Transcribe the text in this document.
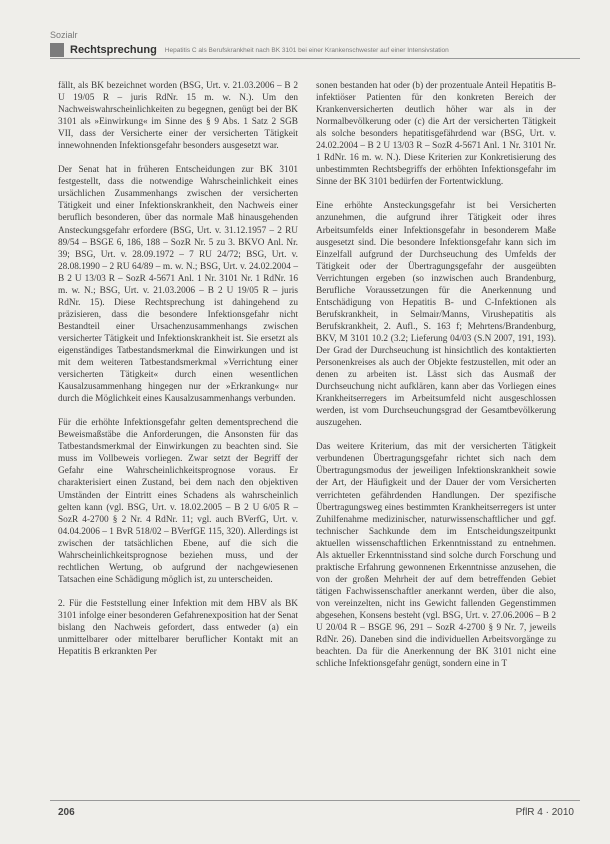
Sozialr
Rechtsprechung Hepatitis C als Berufskrankheit nach BK 3101 bei einer Krankenschwester auf einer Intensivstation

fällt, als BK bezeichnet worden (BSG, Urt. v. 21.03.2006 – B 2 U 19/05 R – juris RdNr. 15 m. w. N.). Um den Nachweiswahrscheinlichkeiten zu begegnen, genügt bei der BK 3101 als »Einwirkung« im Sinne des § 9 Abs. 1 Satz 2 SGB VII, dass der Versicherte einer der versicherten Tätigkeit innewohnenden Infektionsgefahr besonders ausgesetzt war.

Der Senat hat in früheren Entscheidungen zur BK 3101 festgestellt, dass die notwendige Wahrscheinlichkeit eines ursächlichen Zusammenhangs zwischen der versicherten Tätigkeit und einer Infektionskrankheit, den Nachweis einer beruflich besonderen, über das normale Maß hinausgehenden Ansteckungsgefahr erfordere (BSG, Urt. v. 31.12.1957 – 2 RU 89/54 – BSGE 6, 186, 188 – SozR Nr. 5 zu 3. BKVO Anl. Nr. 39; BSG, Urt. v. 28.09.1972 – 7 RU 24/72; BSG, Urt. v. 28.08.1990 – 2 RU 64/89 – m. w. N.; BSG, Urt. v. 24.02.2004 – B 2 U 13/03 R – SozR 4-5671 Anl. 1 Nr. 3101 Nr. 1 RdNr. 16 m. w. N.; BSG, Urt. v. 21.03.2006 – B 2 U 19/05 R – juris RdNr. 15). Diese Rechtsprechung ist dahingehend zu präzisieren, dass die besondere Infektionsgefahr nicht Bestandteil einer Ursachenzusammenhangs zwischen versicherter Tätigkeit und Infektionskrankheit ist. Sie ersetzt als eigenständiges Tatbestandsmerkmal die Einwirkungen und ist mit dem weiteren Tatbestandsmerkmal »Verrichtung einer versicherten Tätigkeit« durch einen wesentlichen Kausalzusammenhang hingegen nur der »Erkrankung« nur durch die Möglichkeit eines Kausalzusammenhangs verbunden.

Für die erhöhte Infektionsgefahr gelten dementsprechend die Beweismaßstäbe die Anforderungen, die Ansonsten für das Tatbestandsmerkmal der Einwirkungen zu beachten sind. Sie muss im Vollbeweis vorliegen. Zwar setzt der Begriff der Gefahr eine Wahrscheinlichkeitsprognose voraus. Er charakterisiert einen Zustand, bei dem nach den objektiven Umständen der Eintritt eines Schadens als wahrscheinlich gelten kann (vgl. BSG, Urt. v. 18.02.2005 – B 2 U 6/05 R – SozR 4-2700 § 2 Nr. 4 RdNr. 11; vgl. auch BVerfG, Urt. v. 04.04.2006 – 1 BvR 518/02 – BVerfGE 115, 320). Allerdings ist zwischen der tatsächlichen Ebene, auf die sich die Wahrscheinlichkeitsprognose beziehen muss, und der rechtlichen Wertung, ob aufgrund der nachgewiesenen Tatsachen eine Schädigung möglich ist, zu unterscheiden.

2. Für die Feststellung einer Infektion mit dem HBV als BK 3101 infolge einer besonderen Gefahrenexposition hat der Senat bislang den Nachweis gefordert, dass entweder (a) ein unmittelbarer oder mittelbarer beruflicher Kontakt mit an Hepatitis B erkrankten Per

sonen bestanden hat oder (b) der prozentuale Anteil Hepatitis B-infektiöser Patienten für den konkreten Bereich der Krankenversicherten deutlich höher war als in der Normalbevölkerung oder (c) die Art der versicherten Tätigkeit als solche besonders hepatitisgefährdend war (BSG, Urt. v. 24.02.2004 – B 2 U 13/03 R – SozR 4-5671 Anl. 1 Nr. 3101 Nr. 1 RdNr. 16 m. w. N.). Diese Kriterien zur Konkretisierung des unbestimmten Rechtsbegriffs der erhöhten Infektionsgefahr im Sinne der BK 3101 bedürfen der Fortentwicklung.

Eine erhöhte Ansteckungsgefahr ist bei Versicherten anzunehmen, die aufgrund ihrer Tätigkeit oder ihres Arbeitsumfelds einer Infektionsgefahr in besonderem Maße ausgesetzt sind. Die besondere Infektionsgefahr kann sich im Einzelfall aufgrund der Durchseuchung des Umfelds der Tätigkeit oder der Übertragungsgefahr der ausgeübten Verrichtungen ergeben (so inzwischen auch Brandenburg, Berufliche Voraussetzungen für die Anerkennung und Entschädigung von Hepatitis B- und C-Infektionen als Berufskrankheit, in Selmair/Manns, Virushepatitis als Berufskrankheit, 2. Aufl., S. 163 f; Mehrtens/Brandenburg, BKV, M 3101 10.2 (3.2; Lieferung 04/03 (S.N 2007, 191, 193). Der Grad der Durchseuchung ist hinsichtlich des kontaktierten Personenkreises als auch der Objekte festzustellen, mit oder an denen zu arbeiten ist. Lässt sich das Ausmaß der Durchseuchung nicht aufklären, kann aber das Vorliegen eines Krankheitserregers im Arbeitsumfeld nicht ausgeschlossen werden, ist vom Durchseuchungsgrad der Gesamtbevölkerung auszugehen.

Das weitere Kriterium, das mit der versicherten Tätigkeit verbundenen Übertragungsgefahr richtet sich nach dem Übertragungsmodus der jeweiligen Infektionskrankheit sowie der Art, der Häufigkeit und der Dauer der vom Versicherten verrichteten gefährdenden Handlungen. Der spezifische Übertragungsweg eines bestimmten Krankheitserregers ist unter Zuhilfenahme medizinischer, naturwissenschaftlicher und ggf. technischer Sachkunde dem im Entscheidungszeitpunkt aktuellen wissenschaftlichen Erkenntnisstand zu entnehmen. Als aktueller Erkenntnisstand sind solche durch Forschung und praktische Erfahrung gewonnenen Erkenntnisse anzusehen, die von der großen Mehrheit der auf dem betreffenden Gebiet tätigen Fachwissenschaftler anerkannt werden, über die also, von vereinzelten, nicht ins Gewicht fallenden Gegenstimmen abgesehen, Konsens besteht (vgl. BSG, Urt. v. 27.06.2006 – B 2 U 20/04 R – BSGE 96, 291 – SozR 4-2700 § 9 Nr. 7, jeweils RdNr. 26). Daneben sind die individuellen Arbeitsvorgänge zu beachten. Da für die Anerkennung der BK 3101 nicht eine schliche Infektionsgefahr genügt, sondern eine in T

206	PflR 4 · 2010
